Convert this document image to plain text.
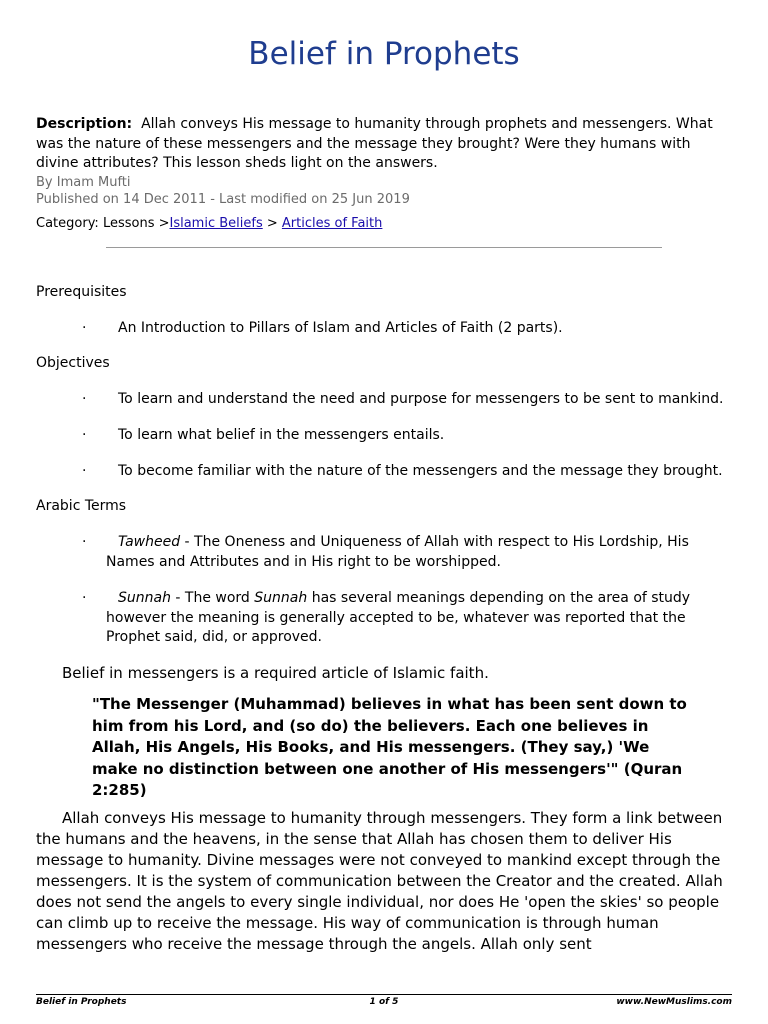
Belief in Prophets

Description: Allah conveys His message to humanity through prophets and messengers. What was the nature of these messengers and the message they brought? Were they humans with divine attributes? This lesson sheds light on the answers.

By Imam Mufti

Published on 14 Dec 2011 - Last modified on 25 Jun 2019

Category: Lessons >Islamic Beliefs > Articles of Faith

Prerequisites

· An Introduction to Pillars of Islam and Articles of Faith (2 parts).

Objectives

· To learn and understand the need and purpose for messengers to be sent to mankind.
· To learn what belief in the messengers entails.
· To become familiar with the nature of the messengers and the message they brought.

Arabic Terms

·	Tawheed - The Oneness and Uniqueness of Allah with respect to His Lordship, His Names and Attributes and in His right to be worshipped.
·	Sunnah - The word Sunnah has several meanings depending on the area of study however the meaning is generally accepted to be, whatever was reported that the Prophet said, did, or approved.

Belief in messengers is a required article of Islamic faith.

"The Messenger (Muhammad) believes in what has been sent down to him from his Lord, and (so do) the believers. Each one believes in Allah, His Angels, His Books, and His messengers. (They say,) 'We make no distinction between one another of His messengers'" (Quran 2:285)

Allah conveys His message to humanity through messengers. They form a link between the humans and the heavens, in the sense that Allah has chosen them to deliver His message to humanity. Divine messages were not conveyed to mankind except through the messengers. It is the system of communication between the Creator and the created. Allah does not send the angels to every single individual, nor does He 'open the skies' so people can climb up to receive the message. His way of communication is through human messengers who receive the message through the angels. Allah only sent

Belief in Prophets	1 of 5	www.NewMuslims.com
